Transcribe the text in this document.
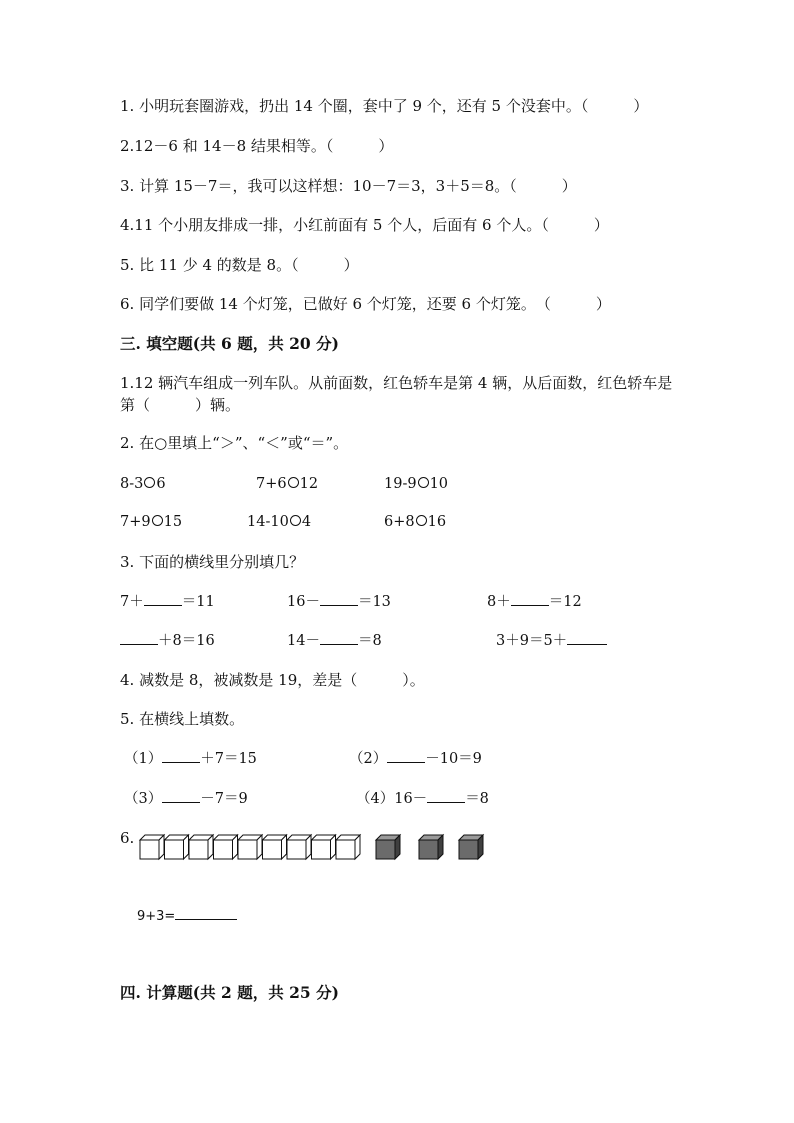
1. 小明玩套圈游戏，扔出 14 个圈，套中了 9 个，还有 5 个没套中。（　　　）
2.12－6 和 14－8 结果相等。（　　　）
3. 计算 15－7＝，我可以这样想：10－7＝3，3＋5＝8。（　　　）
4.11 个小朋友排成一排，小红前面有 5 个人，后面有 6 个人。（　　　）
5. 比 11 少 4 的数是 8。（　　　）
6. 同学们要做 14 个灯笼，已做好 6 个灯笼，还要 6 个灯笼。　（　　　）
三. 填空题(共 6 题，共 20 分)
1.12 辆汽车组成一列车队。从前面数，红色轿车是第 4 辆，从后面数，红色轿车是第（　　　）辆。
2. 在○里填上“＞”、“＜”或“＝”。
8-3 6	7+6 12	19-9 10
7+9 15	14-10 4	6+8 16
3. 下面的横线里分别填几？
7＋	＝11	16－	＝13	8＋	＝12
＋8＝16	14－	＝8	3＋9＝5＋
4. 减数是 8，被减数是 19，差是（　　　）。
5. 在横线上填数。
（1）	＋7＝15	（2）	－10＝9
（3）	－7＝9	（4）16－	＝8
6.
9+3=
四. 计算题(共 2 题，共 25 分)
